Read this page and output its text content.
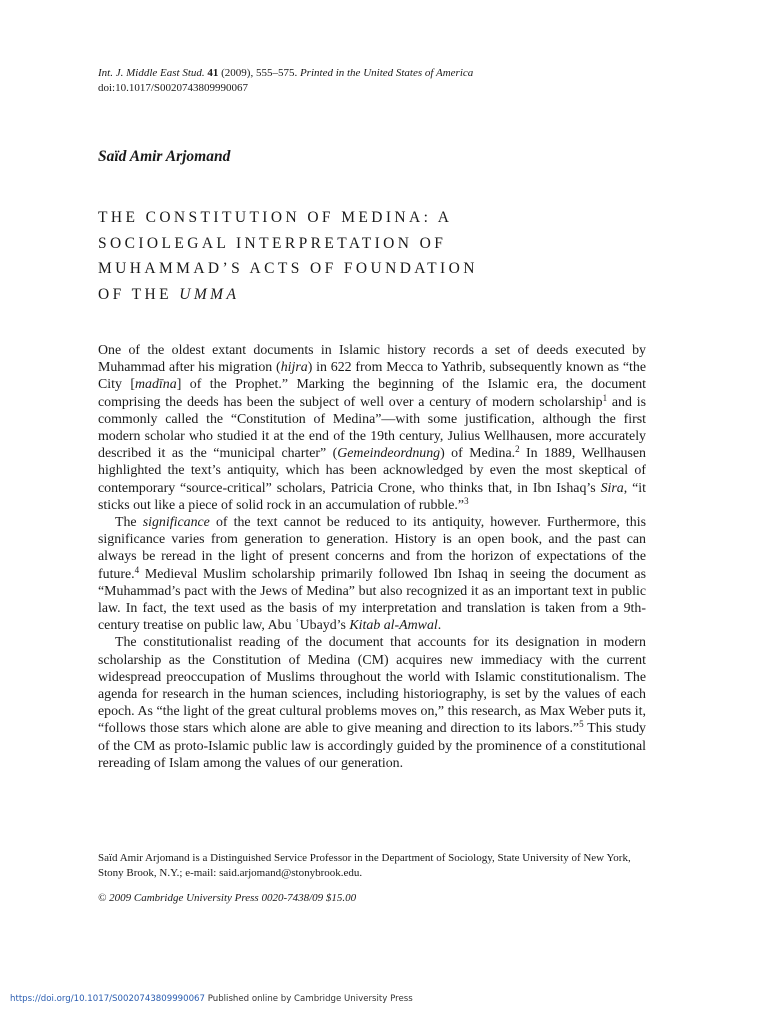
Int. J. Middle East Stud. 41 (2009), 555–575. Printed in the United States of America
doi:10.1017/S0020743809990067
Saïd Amir Arjomand
THE CONSTITUTION OF MEDINA: A
SOCIOLEGAL INTERPRETATION OF
MUHAMMAD’S ACTS OF FOUNDATION
OF THE UMMA

One of the oldest extant documents in Islamic history records a set of deeds executed by Muhammad after his migration (hijra) in 622 from Mecca to Yathrib, subsequently known as “the City [madīna] of the Prophet.” Marking the beginning of the Islamic era, the document comprising the deeds has been the subject of well over a century of modern scholarship$^1$ and is commonly called the “Constitution of Medina”—with some justification, although the first modern scholar who studied it at the end of the 19th century, Julius Wellhausen, more accurately described it as the “municipal charter” (Gemeindeordnung) of Medina.$^2$ In 1889, Wellhausen highlighted the text’s antiquity, which has been acknowledged by even the most skeptical of contemporary “source-critical” scholars, Patricia Crone, who thinks that, in Ibn Ishaq’s Sira, “it sticks out like a piece of solid rock in an accumulation of rubble.”$^3$

The significance of the text cannot be reduced to its antiquity, however. Furthermore, this significance varies from generation to generation. History is an open book, and the past can always be reread in the light of present concerns and from the horizon of expectations of the future.$^4$ Medieval Muslim scholarship primarily followed Ibn Ishaq in seeing the document as “Muhammad’s pact with the Jews of Medina” but also recognized it as an important text in public law. In fact, the text used as the basis of my interpretation and translation is taken from a 9th-century treatise on public law, Abu ʿUbayd’s Kitab al-Amwal.

The constitutionalist reading of the document that accounts for its designation in modern scholarship as the Constitution of Medina (CM) acquires new immediacy with the current widespread preoccupation of Muslims throughout the world with Islamic constitutionalism. The agenda for research in the human sciences, including historiography, is set by the values of each epoch. As “the light of the great cultural problems moves on,” this research, as Max Weber puts it, “follows those stars which alone are able to give meaning and direction to its labors.”$^5$ This study of the CM as proto-Islamic public law is accordingly guided by the prominence of a constitutional rereading of Islam among the values of our generation.

Saïd Amir Arjomand is a Distinguished Service Professor in the Department of Sociology, State University of New York, Stony Brook, N.Y.; e-mail: said.arjomand@stonybrook.edu.
© 2009 Cambridge University Press 0020-7438/09 $15.00
https://doi.org/10.1017/S0020743809990067 Published online by Cambridge University Press
